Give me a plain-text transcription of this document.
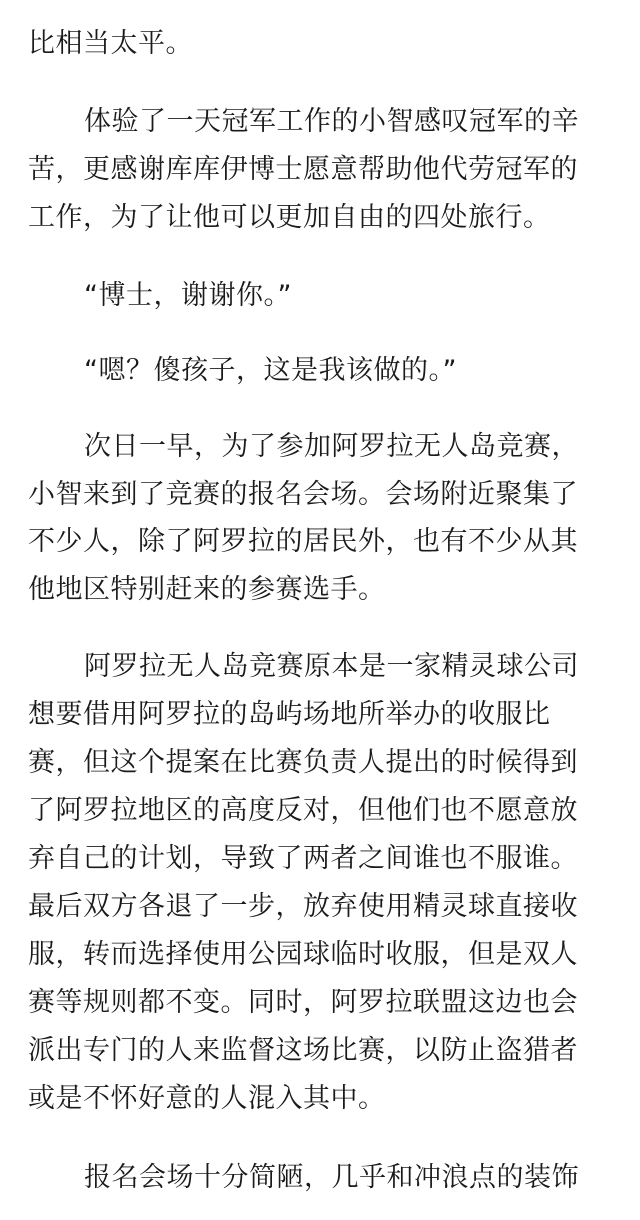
比相当太平。
体验了一天冠军工作的小智感叹冠军的辛
苦，更感谢库库伊博士愿意帮助他代劳冠军的
工作，为了让他可以更加自由的四处旅行。
“博士，谢谢你。”
“嗯？傻孩子，这是我该做的。”
次日一早，为了参加阿罗拉无人岛竞赛，
小智来到了竞赛的报名会场。会场附近聚集了
不少人，除了阿罗拉的居民外，也有不少从其
他地区特别赶来的参赛选手。
阿罗拉无人岛竞赛原本是一家精灵球公司
想要借用阿罗拉的岛屿场地所举办的收服比
赛，但这个提案在比赛负责人提出的时候得到
了阿罗拉地区的高度反对，但他们也不愿意放
弃自己的计划，导致了两者之间谁也不服谁。
最后双方各退了一步，放弃使用精灵球直接收
服，转而选择使用公园球临时收服，但是双人
赛等规则都不变。同时，阿罗拉联盟这边也会
派出专门的人来监督这场比赛，以防止盗猎者
或是不怀好意的人混入其中。
报名会场十分简陋，几乎和冲浪点的装饰
